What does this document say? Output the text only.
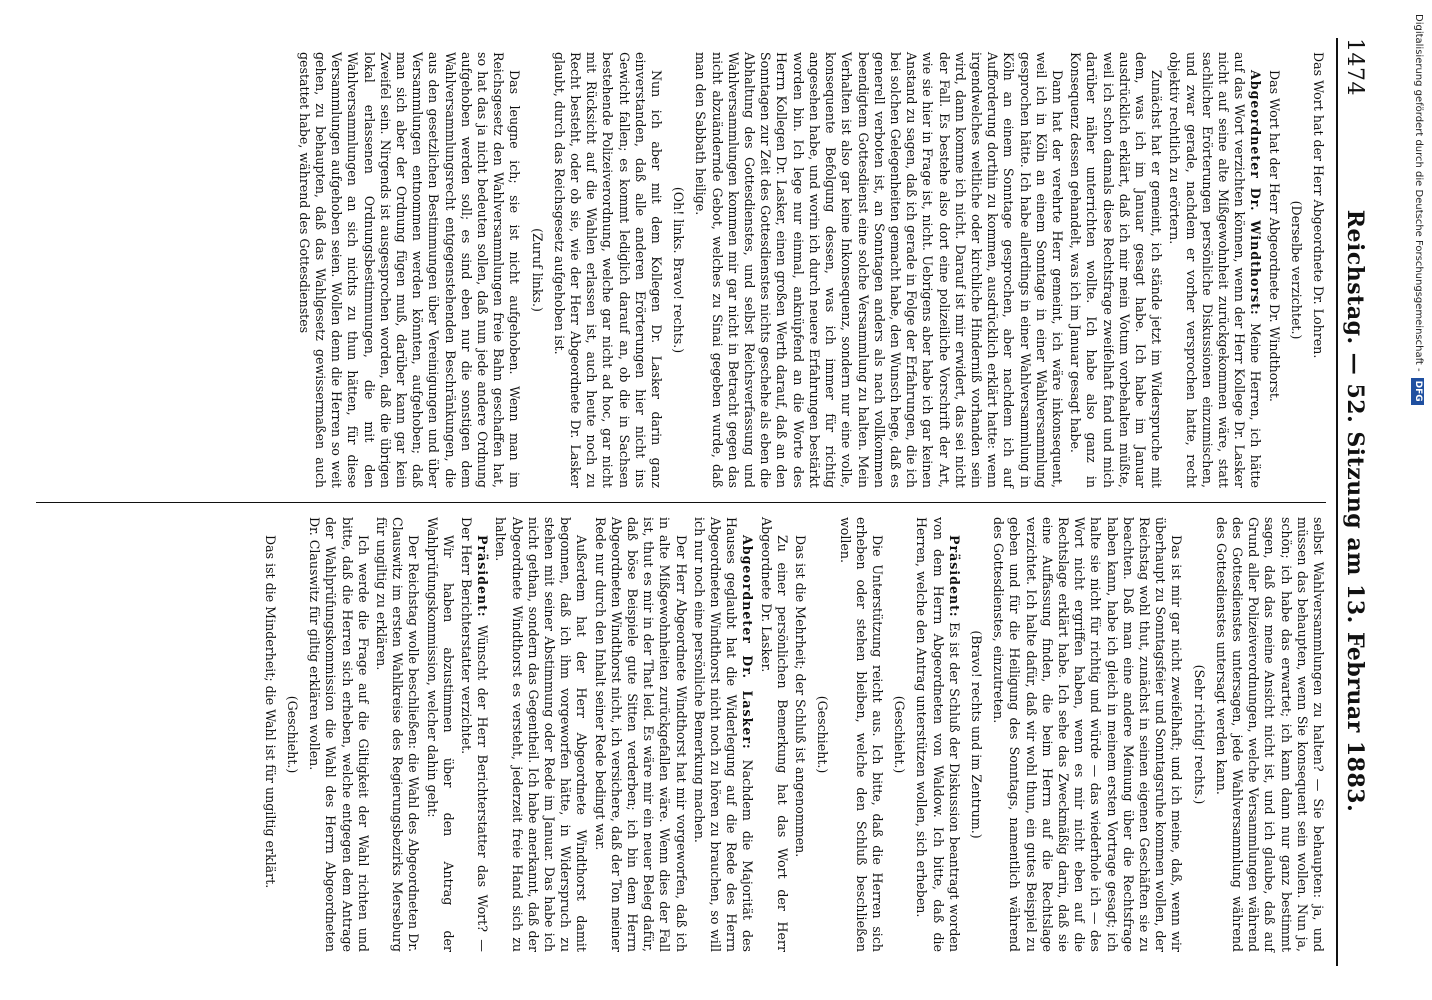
1474
Reichstag. — 52. Sitzung am 13. Februar 1883.

Das Wort hat der Herr Abgeordnete Dr. Lohren.

(Derselbe verzichtet.)

Das Wort hat der Herr Abgeordnete Dr. Windthorst.

Abgeordneter Dr. Windthorst: Meine Herren, ich hätte auf das Wort verzichten können, wenn der Herr Kollege Dr. Lasker nicht auf seine alte Mißgewohnheit zurückgekommen wäre, statt sachlicher Erörterungen persönliche Diskussionen einzumischen, und zwar gerade, nachdem er vorher versprochen hatte, recht objektiv rechtlich zu erörtern.

Zunächst hat er gemeint, ich stände jetzt im Widerspruche mit dem, was ich im Januar gesagt habe. Ich habe im Januar ausdrücklich erklärt, daß ich mir mein Votum vorbehalten müßte, weil ich schon damals diese Rechtsfrage zweifelhaft fand und mich darüber näher unterrichten wollte. Ich habe also ganz in Konsequenz dessen gehandelt, was ich im Januar gesagt habe.

Dann hat der verehrte Herr gemeint, ich wäre inkonsequent, weil ich in Köln an einem Sonntage in einer Wahlversammlung gesprochen hätte. Ich habe allerdings in einer Wahlversammlung in Köln an einem Sonntage gesprochen, aber nachdem ich auf Aufforderung dorthin zu kommen, ausdrücklich erklärt hatte: wenn irgendwelches weltliche oder kirchliche Hinderniß vorhanden sein wird, dann komme ich nicht. Darauf ist mir erwidert, das sei nicht der Fall. Es bestehe also dort eine polizeiliche Vorschrift der Art, wie sie hier in Frage ist, nicht. Uebrigens aber habe ich gar keinen Anstand zu sagen, daß ich gerade in Folge der Erfahrungen, die ich bei solchen Gelegenheiten gemacht habe, den Wunsch hege, daß es generell verboten ist, an Sonntagen anders als nach vollkommen beendigtem Gottesdienst eine solche Versammlung zu halten. Mein Verhalten ist also gar keine Inkonsequenz, sondern nur eine volle, konsequente Befolgung dessen, was ich immer für richtig angesehen habe, und worin ich durch neuere Erfahrungen bestärkt worden bin. Ich lege nur einmal, anknüpfend an die Worte des Herrn Kollegen Dr. Lasker, einen großen Werth darauf, daß an den Sonntagen zur Zeit des Gottesdienstes nichts geschehe als eben die Abhaltung des Gottesdienstes, und selbst Reichsverfassung und Wahlversammlungen kommen mir gar nicht in Betracht gegen das nicht abzuändernde Gebot, welches zu Sinai gegeben wurde, daß man den Sabbath heilige.

(Oh! links. Bravo! rechts.)

Nun ich aber mit dem Kollegen Dr. Lasker darin ganz einverstanden, daß alle anderen Erörterungen hier nicht ins Gewicht fallen; es kommt lediglich darauf an, ob die in Sachsen bestehende Polizeiverordnung, welche gar nicht ad hoc, gar nicht mit Rücksicht auf die Wahlen erlassen ist, auch heute noch zu Recht besteht, oder ob sie, wie der Herr Abgeordnete Dr. Lasker glaubt, durch das Reichsgesetz aufgehoben ist.

(Zuruf links.)

Das leugne ich; sie ist nicht aufgehoben. Wenn man im Reichsgesetz den Wahlversammlungen freie Bahn geschaffen hat, so hat das ja nicht bedeuten sollen, daß nun jede andere Ordnung aufgehoben werden soll; es sind eben nur die sonstigen dem Wahlversammlungsrecht entgegenstehenden Beschränkungen, die aus den gesetzlichen Bestimmungen über Vereinigungen und über Versammlungen entnommen werden könnten, aufgehoben; daß man sich aber der Ordnung fügen muß, darüber kann gar kein Zweifel sein. Nirgends ist ausgesprochen worden, daß die übrigen lokal erlassenen Ordnungsbestimmungen, die mit den Wahlversammlungen an sich nichts zu thun hätten, für diese Versammlungen aufgehoben seien. Wollen denn die Herren so weit gehen, zu behaupten, daß das Wahlgesetz gewissermaßen auch gestattet habe, während des Gottesdienstes

selbst Wahlversammlungen zu halten? — Sie behaupten: ja, und müssen das behaupten, wenn Sie konsequent sein wollen. Nun ja, schön; ich habe das erwartet; ich kann dann nur ganz bestimmt sagen, daß das meine Ansicht nicht ist, und ich glaube, daß auf Grund aller Polizeiverordnungen, welche Versammlungen während des Gottesdienstes untersagen, jede Wahlversammlung während des Gottesdienstes untersagt werden kann.

(Sehr richtig! rechts.)

Das ist mir gar nicht zweifelhaft; und ich meine, daß, wenn wir überhaupt zu Sonntagsfeier und Sonntagsruhe kommen wollen, der Reichstag wohl thut, zunächst in seinen eigenen Geschäften sie zu beachten. Daß man eine andere Meinung über die Rechtsfrage haben kann, habe ich gleich in meinem ersten Vortrage gesagt; ich halte sie nicht für richtig und würde — das wiederhole ich — des Wort nicht ergriffen haben, wenn es mir nicht eben auf die Rechtslage erklärt habe. Ich sehe das Zweckmäßig darin, daß sie eine Auffassung finden, die beim Herrn auf die Rechtslage verzichtet. Ich halte dafür, daß wir wohl thun, ein gutes Beispiel zu geben und für die Heiligung des Sonntags, namentlich während des Gottesdienstes, einzutreten.

(Bravo! rechts und im Zentrum.)

Präsident: Es ist der Schluß der Diskussion beantragt worden von dem Herrn Abgeordneten von Waldow. Ich bitte, daß die Herren, welche den Antrag unterstützen wollen, sich erheben.

(Geschieht.)

Die Unterstützung reicht aus. Ich bitte, daß die Herren sich erheben oder stehen bleiben, welche den Schluß beschließen wollen.

(Geschieht.)

Das ist die Mehrheit; der Schluß ist angenommen.

Zu einer persönlichen Bemerkung hat das Wort der Herr Abgeordnete Dr. Lasker.

Abgeordneter Dr. Lasker: Nachdem die Majorität des Hauses geglaubt hat die Widerlegung auf die Rede des Herrn Abgeordneten Windthorst nicht noch zu hören zu brauchen, so will ich nur noch eine persönliche Bemerkung machen.

Der Herr Abgeordnete Windthorst hat mir vorgeworfen, daß ich in alte Mißgewohnheiten zurückgefallen wäre. Wenn dies der Fall ist, thut es mir in der That leid. Es wäre mir ein neuer Beleg dafür, daß böse Beispiele gute Sitten verderben; ich bin dem Herrn Abgeordneten Windthorst nicht, ich versichere, daß der Ton meiner Rede nur durch den Inhalt seiner Rede bedingt war.

Außerdem hat der Herr Abgeordnete Windthorst damit begonnen, daß ich ihm vorgeworfen hätte, in Widerspruch zu stehen mit seiner Abstimmung oder Rede im Januar. Das habe ich nicht gethan, sondern das Gegentheil. Ich habe anerkannt, daß der Abgeordnete Windthorst es versteht, jederzeit freie Hand sich zu halten.

Präsident: Wünscht der Herr Berichterstatter das Wort? — Der Herr Berichterstatter verzichtet.

Wir haben abzustimmen über den Antrag der Wahlprüfungskommission, welcher dahin geht:

Der Reichstag wolle beschließen: die Wahl des Abgeordneten Dr. Clauswitz im ersten Wahlkreise des Regierungsbezirks Merseburg für ungiltig zu erklären.

Ich werde die Frage auf die Giltigkeit der Wahl richten und bitte, daß die Herren sich erheben, welche entgegen dem Antrage der Wahlprüfungskommission die Wahl des Herrn Abgeordneten Dr. Clauswitz für giltig erklären wollen.

(Geschieht.)

Das ist die Minderheit; die Wahl ist für ungiltig erklärt.

Digitalisierung gefördert durch die Deutsche Forschungsgemeinschaft -
DFG
